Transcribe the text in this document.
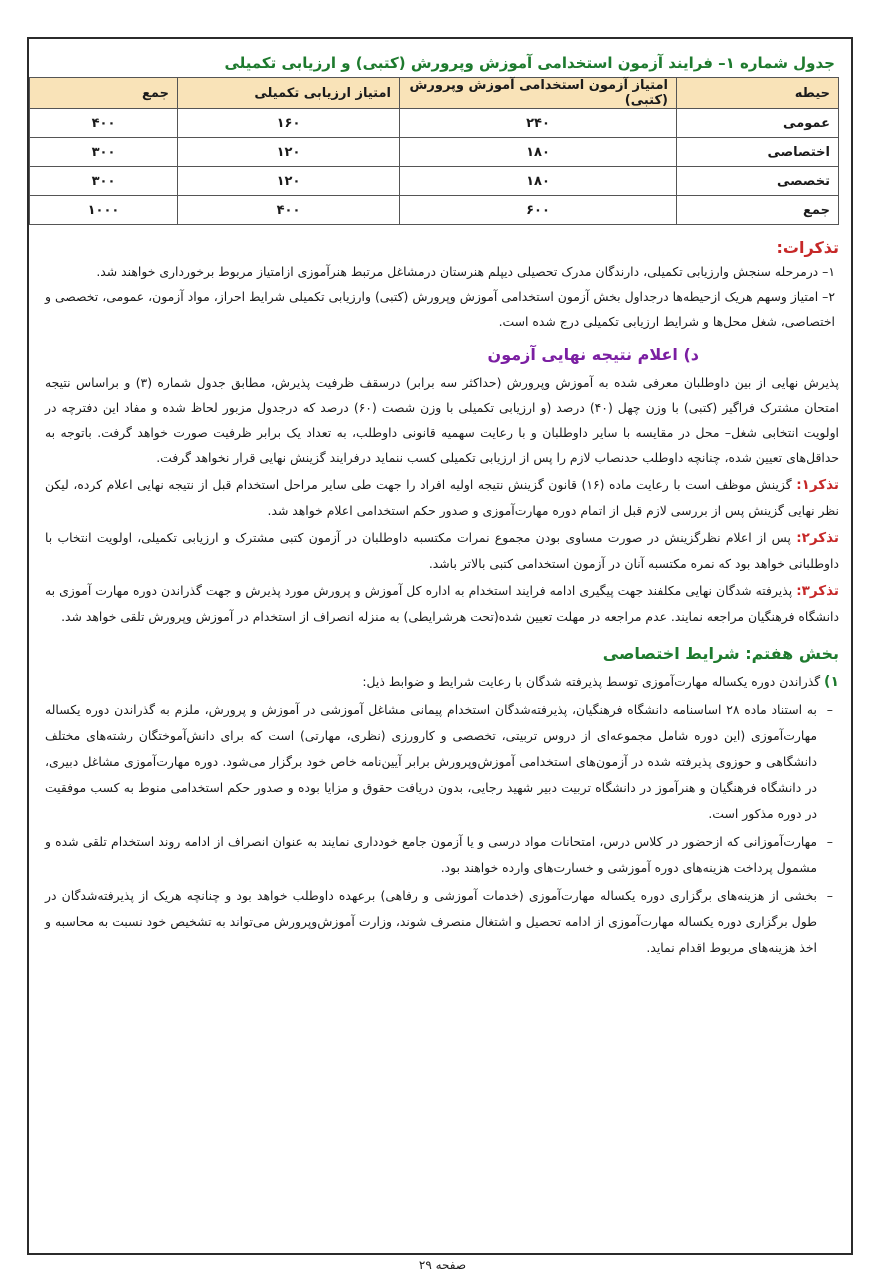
جدول شماره ۱– فرایند آزمون استخدامی آموزش وپرورش (کتبی) و ارزیابی تکمیلی
حیطه	امتیاز آزمون استخدامی آموزش وپرورش (کتبی)	امتیاز ارزیابی تکمیلی	جمع
عمومی	۲۴۰	۱۶۰	۴۰۰
اختصاصی	۱۸۰	۱۲۰	۳۰۰
تخصصی	۱۸۰	۱۲۰	۳۰۰
جمع	۶۰۰	۴۰۰	۱۰۰۰
تذکرات:

۱– درمرحله سنجش وارزیابی تکمیلی، دارندگان مدرک تحصیلی دیپلم هنرستان درمشاغل مرتبط هنرآموزی ازامتیاز مربوط برخورداری خواهند شد.

۲– امتیاز وسهم هریک ازحیطه‌ها درجداول بخش آزمون استخدامی آموزش وپرورش (کتبی) وارزیابی تکمیلی شرایط احراز، مواد آزمون، عمومی، تخصصی و اختصاصی، شغل محل‌ها و شرایط ارزیابی تکمیلی درج شده است.

د) اعلام نتیجه نهایی آزمون

پذیرش نهایی از بین داوطلبان معرفی شده به آموزش وپرورش (حداکثر سه برابر) درسقف ظرفیت پذیرش، مطابق جدول شماره (۳) و براساس نتیجه امتحان مشترک فراگیر (کتبی) با وزن چهل (۴۰) درصد (و ارزیابی تکمیلی با وزن شصت (۶۰) درصد که درجدول مزبور لحاظ شده و مفاد این دفترچه در اولویت انتخابی شغل– محل در مقایسه با سایر داوطلبان و با رعایت سهمیه قانونی داوطلب، به تعداد یک برابر ظرفیت صورت خواهد گرفت. باتوجه به حداقل‌های تعیین شده، چنانچه داوطلب حدنصاب لازم را پس از ارزیابی تکمیلی کسب ننماید درفرایند گزینش نهایی قرار نخواهد گرفت.

تذکر۱: گزینش موظف است با رعایت ماده (۱۶) قانون گزینش نتیجه اولیه افراد را جهت طی سایر مراحل استخدام قبل از نتیجه نهایی اعلام کرده، لیکن نظر نهایی گزینش پس از بررسی لازم قبل از اتمام دوره مهارت‌آموزی و صدور حکم استخدامی اعلام خواهد شد.

تذکر۲: پس از اعلام نظرگزینش در صورت مساوی بودن مجموع نمرات مکتسبه داوطلبان در آزمون کتبی مشترک و ارزیابی تکمیلی، اولویت انتخاب با داوطلبانی خواهد بود که نمره مکتسبه آنان در آزمون استخدامی کتبی بالاتر باشد.

تذکر۳: پذیرفته شدگان نهایی مکلفند جهت پیگیری ادامه فرایند استخدام به اداره کل آموزش و پرورش مورد پذیرش و جهت گذراندن دوره مهارت آموزی به دانشگاه فرهنگیان مراجعه نمایند. عدم مراجعه در مهلت تعیین شده(تحت هرشرایطی) به منزله انصراف از استخدام در آموزش وپرورش تلقی خواهد شد.

بخش هفتم: شرایط اختصاصی

۱) گذراندن دوره یکساله مهارت‌آموزی توسط پذیرفته شدگان با رعایت شرایط و ضوابط ذیل:

– به استناد ماده ۲۸ اساسنامه دانشگاه فرهنگیان، پذیرفته‌شدگان استخدام پیمانی مشاغل آموزشی در آموزش و پرورش، ملزم به گذراندن دوره یکساله مهارت‌آموزی (این دوره شامل مجموعه‌ای از دروس تربیتی، تخصصی و کارورزی (نظری، مهارتی) است که برای دانش‌آموختگان رشته‌های مختلف دانشگاهی و حوزوی پذیرفته شده در آزمون‌های استخدامی آموزش‌وپرورش برابر آیین‌نامه خاص خود برگزار می‌شود. دوره مهارت‌آموزی مشاغل دبیری، در دانشگاه فرهنگیان و هنرآموز در دانشگاه تربیت دبیر شهید رجایی، بدون دریافت حقوق و مزایا بوده و صدور حکم استخدامی منوط به کسب موفقیت در دوره مذکور است.

– مهارت‌آموزانی که ازحضور در کلاس درس، امتحانات مواد درسی و یا آزمون جامع خودداری نمایند به عنوان انصراف از ادامه روند استخدام تلقی شده و مشمول پرداخت هزینه‌های دوره آموزشی و خسارت‌های وارده خواهند بود.

– بخشی از هزینه‌های برگزاری دوره یکساله مهارت‌آموزی (خدمات آموزشی و رفاهی) برعهده داوطلب خواهد بود و چنانچه هریک از پذیرفته‌شدگان در طول برگزاری دوره یکساله مهارت‌آموزی از ادامه تحصیل و اشتغال منصرف شوند، وزارت آموزش‌وپرورش می‌تواند به تشخیص خود نسبت به محاسبه و اخذ هزینه‌های مربوط اقدام نماید.

صفحه ۲۹
